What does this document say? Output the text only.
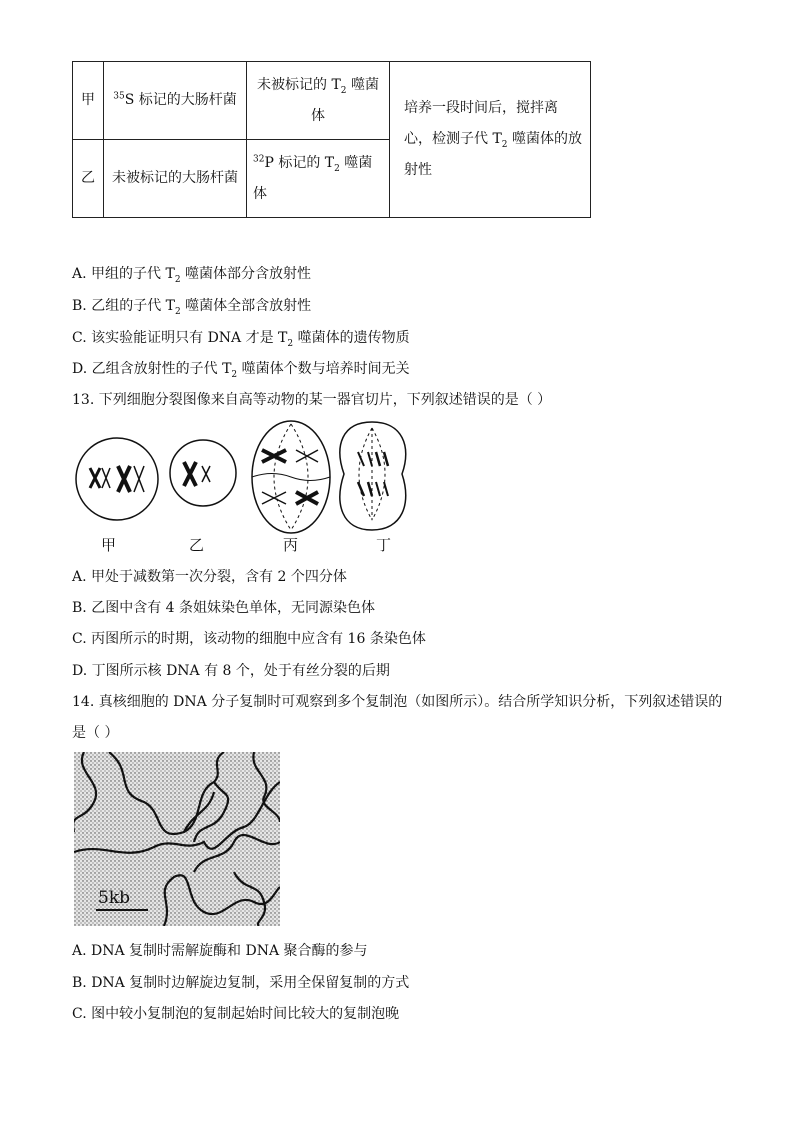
甲	$^{35}$S 标记的大肠杆菌	未被标记的 $T_2$ 噬菌体	培养一段时间后，搅拌离心，检测子代 $T_2$ 噬菌体的放射性
乙	未被标记的大肠杆菌	$^{32}$P 标记的 $T_2$ 噬菌体	
A. 甲组的子代 $T_2$ 噬菌体部分含放射性
B. 乙组的子代 $T_2$ 噬菌体全部含放射性
C. 该实验能证明只有 DNA 才是 $T_2$ 噬菌体的遗传物质
D. 乙组含放射性的子代 $T_2$ 噬菌体个数与培养时间无关
13. 下列细胞分裂图像来自高等动物的某一器官切片，下列叙述错误的是（ ）
甲	乙	丙	丁
A. 甲处于减数第一次分裂，含有 2 个四分体
B. 乙图中含有 4 条姐妹染色单体，无同源染色体
C. 丙图所示的时期，该动物的细胞中应含有 16 条染色体
D. 丁图所示核 DNA 有 8 个，处于有丝分裂的后期
14. 真核细胞的 DNA 分子复制时可观察到多个复制泡（如图所示）。结合所学知识分析，下列叙述错误的
是（ ）
5kb
A. DNA 复制时需解旋酶和 DNA 聚合酶的参与
B. DNA 复制时边解旋边复制，采用全保留复制的方式
C. 图中较小复制泡的复制起始时间比较大的复制泡晚
